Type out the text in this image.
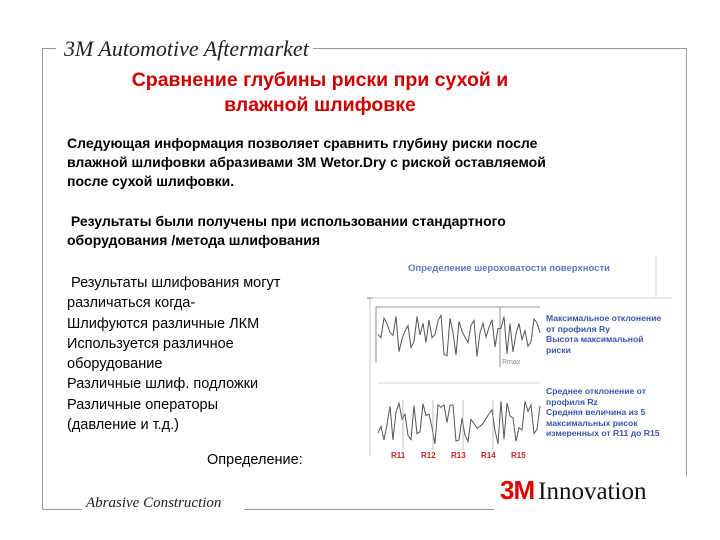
3M Automotive Aftermarket
Сравнение глубины риски при сухой и
влажной шлифовке
Следующая информация позволяет сравнить глубину риски после
влажной шлифовки абразивами 3M Wetor.Dry с риской оставляемой
после сухой шлифовки.
Результаты были получены при использовании стандартного
оборудования /метода шлифования
Результаты шлифования могут
различаться когда-
Шлифуются различные ЛКМ
Используется различное
оборудование
Различные шлиф. подложки
Различные операторы
(давление и т.д.)
Определение:
Определение шероховатости поверхности
Rmax
Максимальное отклонение
от профиля Ry
Высота максимальной
риски
Среднее отклонение от
профиля Rz
Средняя величина из 5
максимальных рисок
измеренных от R11 до R15
R11 R12 R13 R14 R15
Abrasive Construction	3M Innovation
